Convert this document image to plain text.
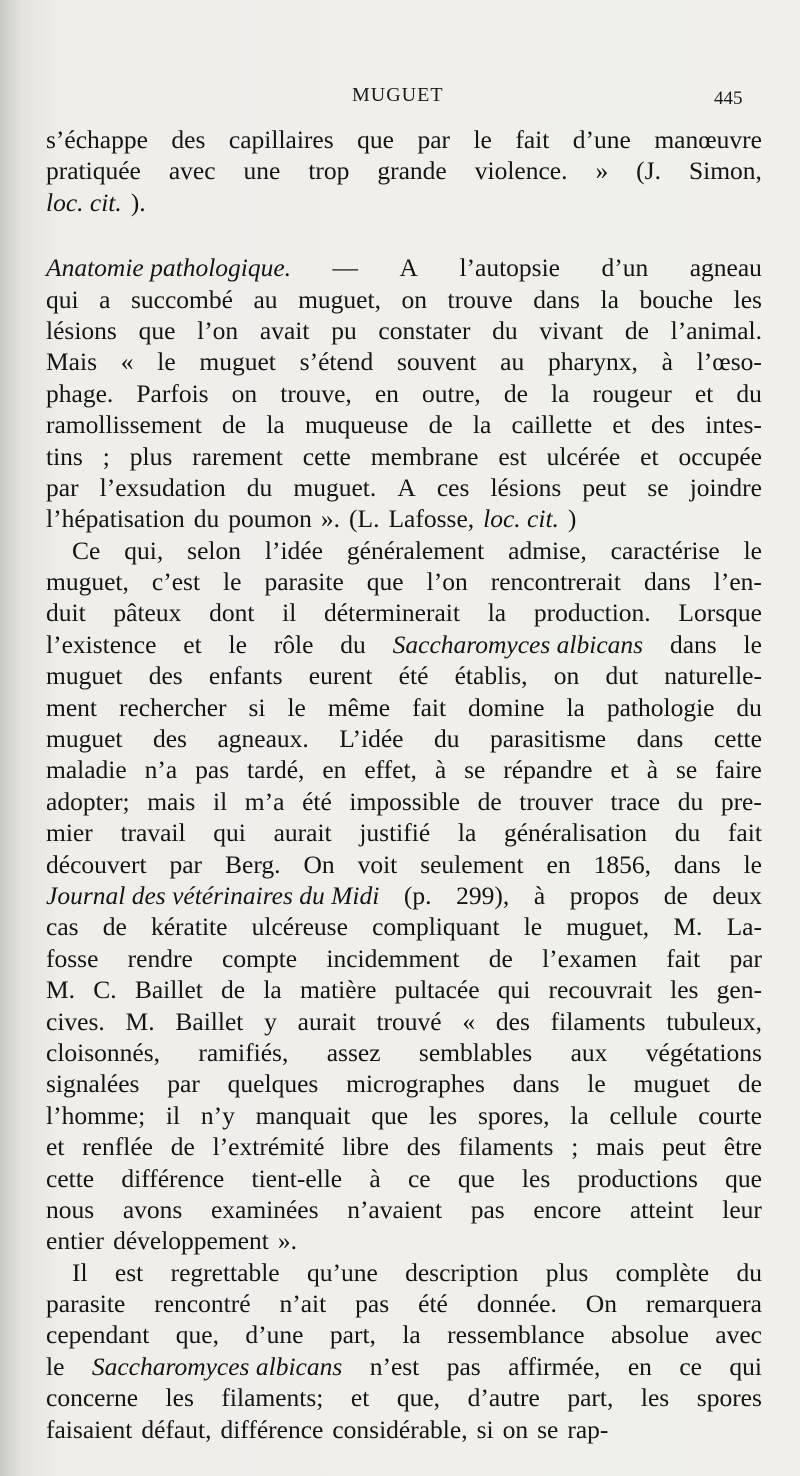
MUGUET	445
s’échappe des capillaires que par le fait d’une manœuvre
pratiquée avec une trop grande violence. » (J. Simon,
loc. cit. ).
Anatomie pathologique. — A l’autopsie d’un agneau
qui a succombé au muguet, on trouve dans la bouche les
lésions que l’on avait pu constater du vivant de l’animal.
Mais « le muguet s’étend souvent au pharynx, à l’œso-
phage. Parfois on trouve, en outre, de la rougeur et du
ramollissement de la muqueuse de la caillette et des intes-
tins ; plus rarement cette membrane est ulcérée et occupée
par l’exsudation du muguet. A ces lésions peut se joindre
l’hépatisation du poumon ». (L. Lafosse, loc. cit. )
Ce qui, selon l’idée généralement admise, caractérise le
muguet, c’est le parasite que l’on rencontrerait dans l’en-
duit pâteux dont il déterminerait la production. Lorsque
l’existence et le rôle du Saccharomyces albicans dans le
muguet des enfants eurent été établis, on dut naturelle-
ment rechercher si le même fait domine la pathologie du
muguet des agneaux. L’idée du parasitisme dans cette
maladie n’a pas tardé, en effet, à se répandre et à se faire
adopter; mais il m’a été impossible de trouver trace du pre-
mier travail qui aurait justifié la généralisation du fait
découvert par Berg. On voit seulement en 1856, dans le
Journal des vétérinaires du Midi (p. 299), à propos de deux
cas de kératite ulcéreuse compliquant le muguet, M. La-
fosse rendre compte incidemment de l’examen fait par
M. C. Baillet de la matière pultacée qui recouvrait les gen-
cives. M. Baillet y aurait trouvé « des filaments tubuleux,
cloisonnés, ramifiés, assez semblables aux végétations
signalées par quelques micrographes dans le muguet de
l’homme; il n’y manquait que les spores, la cellule courte
et renflée de l’extrémité libre des filaments ; mais peut être
cette différence tient-elle à ce que les productions que
nous avons examinées n’avaient pas encore atteint leur
entier développement ».
Il est regrettable qu’une description plus complète du
parasite rencontré n’ait pas été donnée. On remarquera
cependant que, d’une part, la ressemblance absolue avec
le Saccharomyces albicans n’est pas affirmée, en ce qui
concerne les filaments; et que, d’autre part, les spores
faisaient défaut, différence considérable, si on se rap-
